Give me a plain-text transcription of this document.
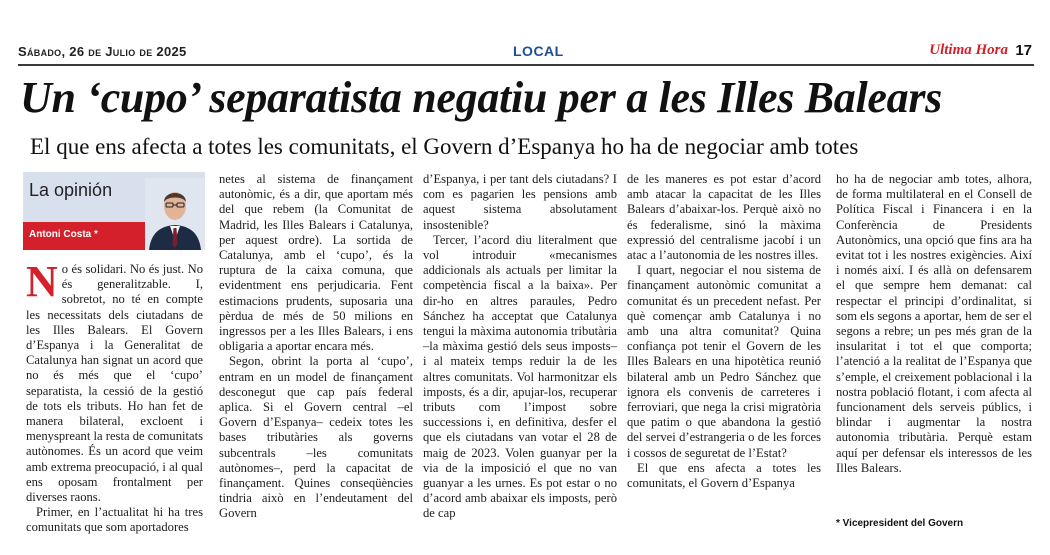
Sábado, 26 de Julio de 2025	LOCAL	Ultima Hora 17
Un ‘cupo’ separatista negatiu per a les Illes Balears
El que ens afecta a totes les comunitats, el Govern d’Espanya ho ha de negociar amb totes
La opinión
Antoni Costa *

No és solidari. No és just. No és generalitzable. I, sobretot, no té en compte les necessitats dels ciutadans de les Illes Balears. El Govern d’Espanya i la Generalitat de Catalunya han signat un acord que no és més que el ‘cupo’ separatista, la cessió de la gestió de tots els tributs. Ho han fet de manera bilateral, excloent i menyspreant la resta de comunitats autònomes. És un acord que veim amb extrema preocupació, i al qual ens oposam frontalment per diverses raons.

Primer, en l’actualitat hi ha tres comunitats que som aportadores

netes al sistema de finançament autonòmic, és a dir, que aportam més del que rebem (la Comunitat de Madrid, les Illes Balears i Catalunya, per aquest ordre). La sortida de Catalunya, amb el ‘cupo’, és la ruptura de la caixa comuna, que evidentment ens perjudicaria. Fent estimacions prudents, suposaria una pèrdua de més de 50 milions en ingressos per a les Illes Balears, i ens obligaria a aportar encara més.

Segon, obrint la porta al ‘cupo’, entram en un model de finançament desconegut que cap país federal aplica. Si el Govern central –el Govern d’Espanya– cedeix totes les bases tributàries als governs subcentrals –les comunitats autònomes–, perd la capacitat de finançament. Quines conseqüències tindria això en l’endeutament del Govern

d’Espanya, i per tant dels ciutadans? I com es pagarien les pensions amb aquest sistema absolutament insostenible?

Tercer, l’acord diu literalment que vol introduir «mecanismes addicionals als actuals per limitar la competència fiscal a la baixa». Per dir-ho en altres paraules, Pedro Sánchez ha acceptat que Catalunya tengui la màxima autonomia tributària –la màxima gestió dels seus imposts– i al mateix temps reduir la de les altres comunitats. Vol harmonitzar els imposts, és a dir, apujar-los, recuperar tributs com l’impost sobre successions i, en definitiva, desfer el que els ciutadans van votar el 28 de maig de 2023. Volen guanyar per la via de la imposició el que no van guanyar a les urnes. Es pot estar o no d’acord amb abaixar els imposts, però de cap

de les maneres es pot estar d’acord amb atacar la capacitat de les Illes Balears d’abaixar-los. Perquè això no és federalisme, sinó la màxima expressió del centralisme jacobí i un atac a l’autonomia de les nostres illes.

I quart, negociar el nou sistema de finançament autonòmic comunitat a comunitat és un precedent nefast. Per què començar amb Catalunya i no amb una altra comunitat? Quina confiança pot tenir el Govern de les Illes Balears en una hipotètica reunió bilateral amb un Pedro Sánchez que ignora els convenis de carreteres i ferroviari, que nega la crisi migratòria que patim o que abandona la gestió del servei d’estrangeria o de les forces i cossos de seguretat de l’Estat?

El que ens afecta a totes les comunitats, el Govern d’Espanya

ho ha de negociar amb totes, alhora, de forma multilateral en el Consell de Política Fiscal i Financera i en la Conferència de Presidents Autonòmics, una opció que fins ara ha evitat tot i les nostres exigències. Així i només així. I és allà on defensarem el que sempre hem demanat: cal respectar el principi d’ordinalitat, si som els segons a aportar, hem de ser el segons a rebre; un pes més gran de la insularitat i tot el que comporta; l’atenció a la realitat de l’Espanya que s’emple, el creixement poblacional i la nostra població flotant, i com afecta al funcionament dels serveis públics, i blindar i augmentar la nostra autonomia tributària. Perquè estam aquí per defensar els interessos de les Illes Balears.

* Vicepresident del Govern
